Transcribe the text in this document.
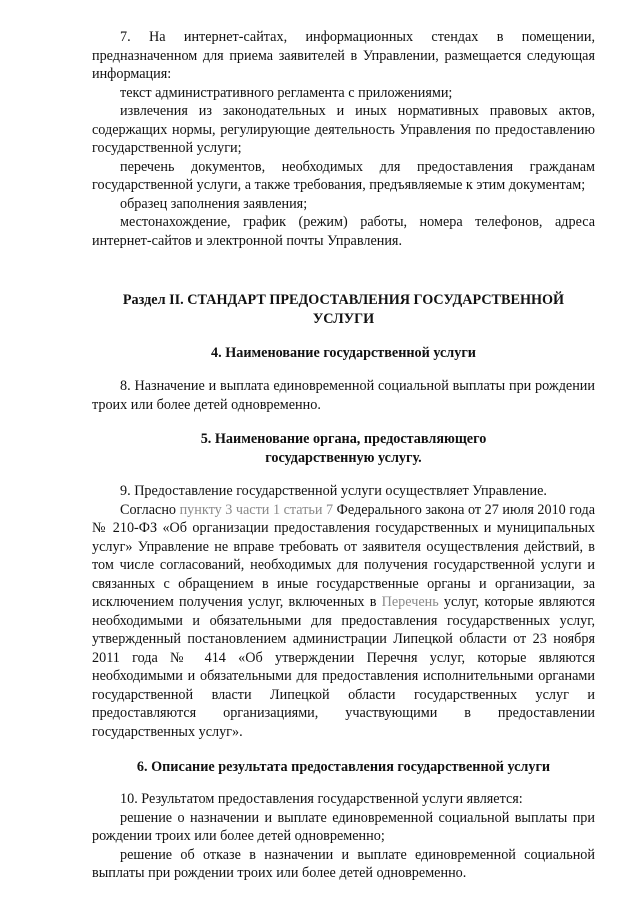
7. На интернет-сайтах, информационных стендах в помещении, предназначенном для приема заявителей в Управлении, размещается следующая информация:

текст административного регламента с приложениями;

извлечения из законодательных и иных нормативных правовых актов, содержащих нормы, регулирующие деятельность Управления по предоставлению государственной услуги;

перечень документов, необходимых для предоставления гражданам государственной услуги, а также требования, предъявляемые к этим документам;

образец заполнения заявления;

местонахождение, график (режим) работы, номера телефонов, адреса интернет-сайтов и электронной почты Управления.

Раздел II. СТАНДАРТ ПРЕДОСТАВЛЕНИЯ ГОСУДАРСТВЕННОЙ

УСЛУГИ

4. Наименование государственной услуги

8. Назначение и выплата единовременной социальной выплаты при рождении троих или более детей одновременно.

5. Наименование органа, предоставляющего

государственную услугу.

9. Предоставление государственной услуги осуществляет Управление.

Согласно пункту 3 части 1 статьи 7 Федерального закона от 27 июля 2010 года № 210-ФЗ «Об организации предоставления государственных и муниципальных услуг» Управление не вправе требовать от заявителя осуществления действий, в том числе согласований, необходимых для получения государственной услуги и связанных с обращением в иные государственные органы и организации, за исключением получения услуг, включенных в Перечень услуг, которые являются необходимыми и обязательными для предоставления государственных услуг, утвержденный постановлением администрации Липецкой области от 23 ноября 2011 года № 414 «Об утверждении Перечня услуг, которые являются необходимыми и обязательными для предоставления исполнительными органами государственной власти Липецкой области государственных услуг и предоставляются организациями, участвующими в предоставлении государственных услуг».

6. Описание результата предоставления государственной услуги

10. Результатом предоставления государственной услуги является:

решение о назначении и выплате единовременной социальной выплаты при рождении троих или более детей одновременно;

решение об отказе в назначении и выплате единовременной социальной выплаты при рождении троих или более детей одновременно.
